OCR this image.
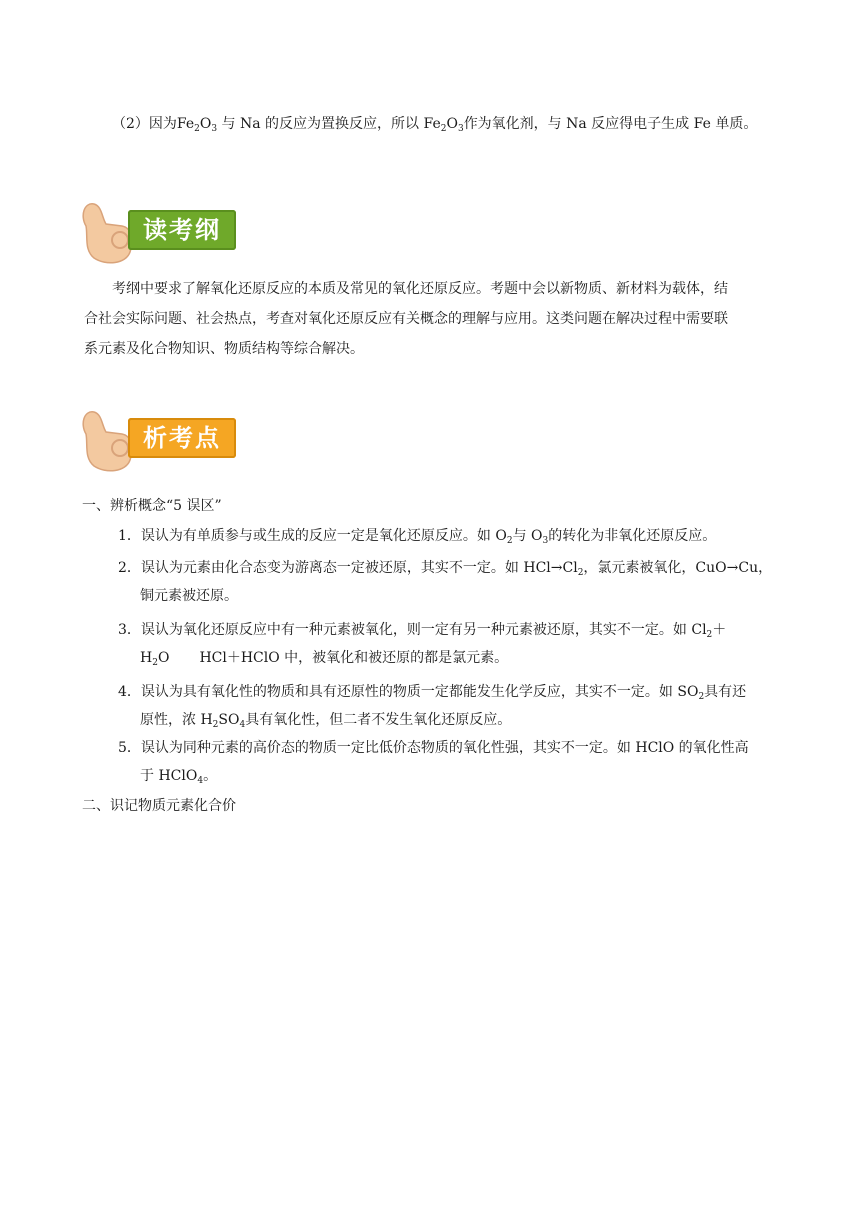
（2）因为$Fe_2O_3$ 与 Na 的反应为置换反应，所以 $Fe_2O_3$作为氧化剂，与 Na 反应得电子生成 Fe 单质。
读考纲
考纲中要求了解氧化还原反应的本质及常见的氧化还原反应。考题中会以新物质、新材料为载体，结
合社会实际问题、社会热点，考查对氧化还原反应有关概念的理解与应用。这类问题在解决过程中需要联
系元素及化合物知识、物质结构等综合解决。
析考点
一、辨析概念“5 误区”
1．误认为有单质参与或生成的反应一定是氧化还原反应。如 $O_2$与 $O_3$的转化为非氧化还原反应。
2．误认为元素由化合态变为游离态一定被还原，其实不一定。如 $HCl\to Cl_2$，氯元素被氧化，CuO→Cu，
铜元素被还原。
3．误认为氧化还原反应中有一种元素被氧化，则一定有另一种元素被还原，其实不一定。如 $Cl_2+$
$H_2O$ HCl＋HClO 中，被氧化和被还原的都是氯元素。
4．误认为具有氧化性的物质和具有还原性的物质一定都能发生化学反应，其实不一定。如 $SO_2$具有还
原性，浓 $H_2SO_4$具有氧化性，但二者不发生氧化还原反应。
5．误认为同种元素的高价态的物质一定比低价态物质的氧化性强，其实不一定。如 HClO 的氧化性高
于 HClO$_4$。
二、识记物质元素化合价
